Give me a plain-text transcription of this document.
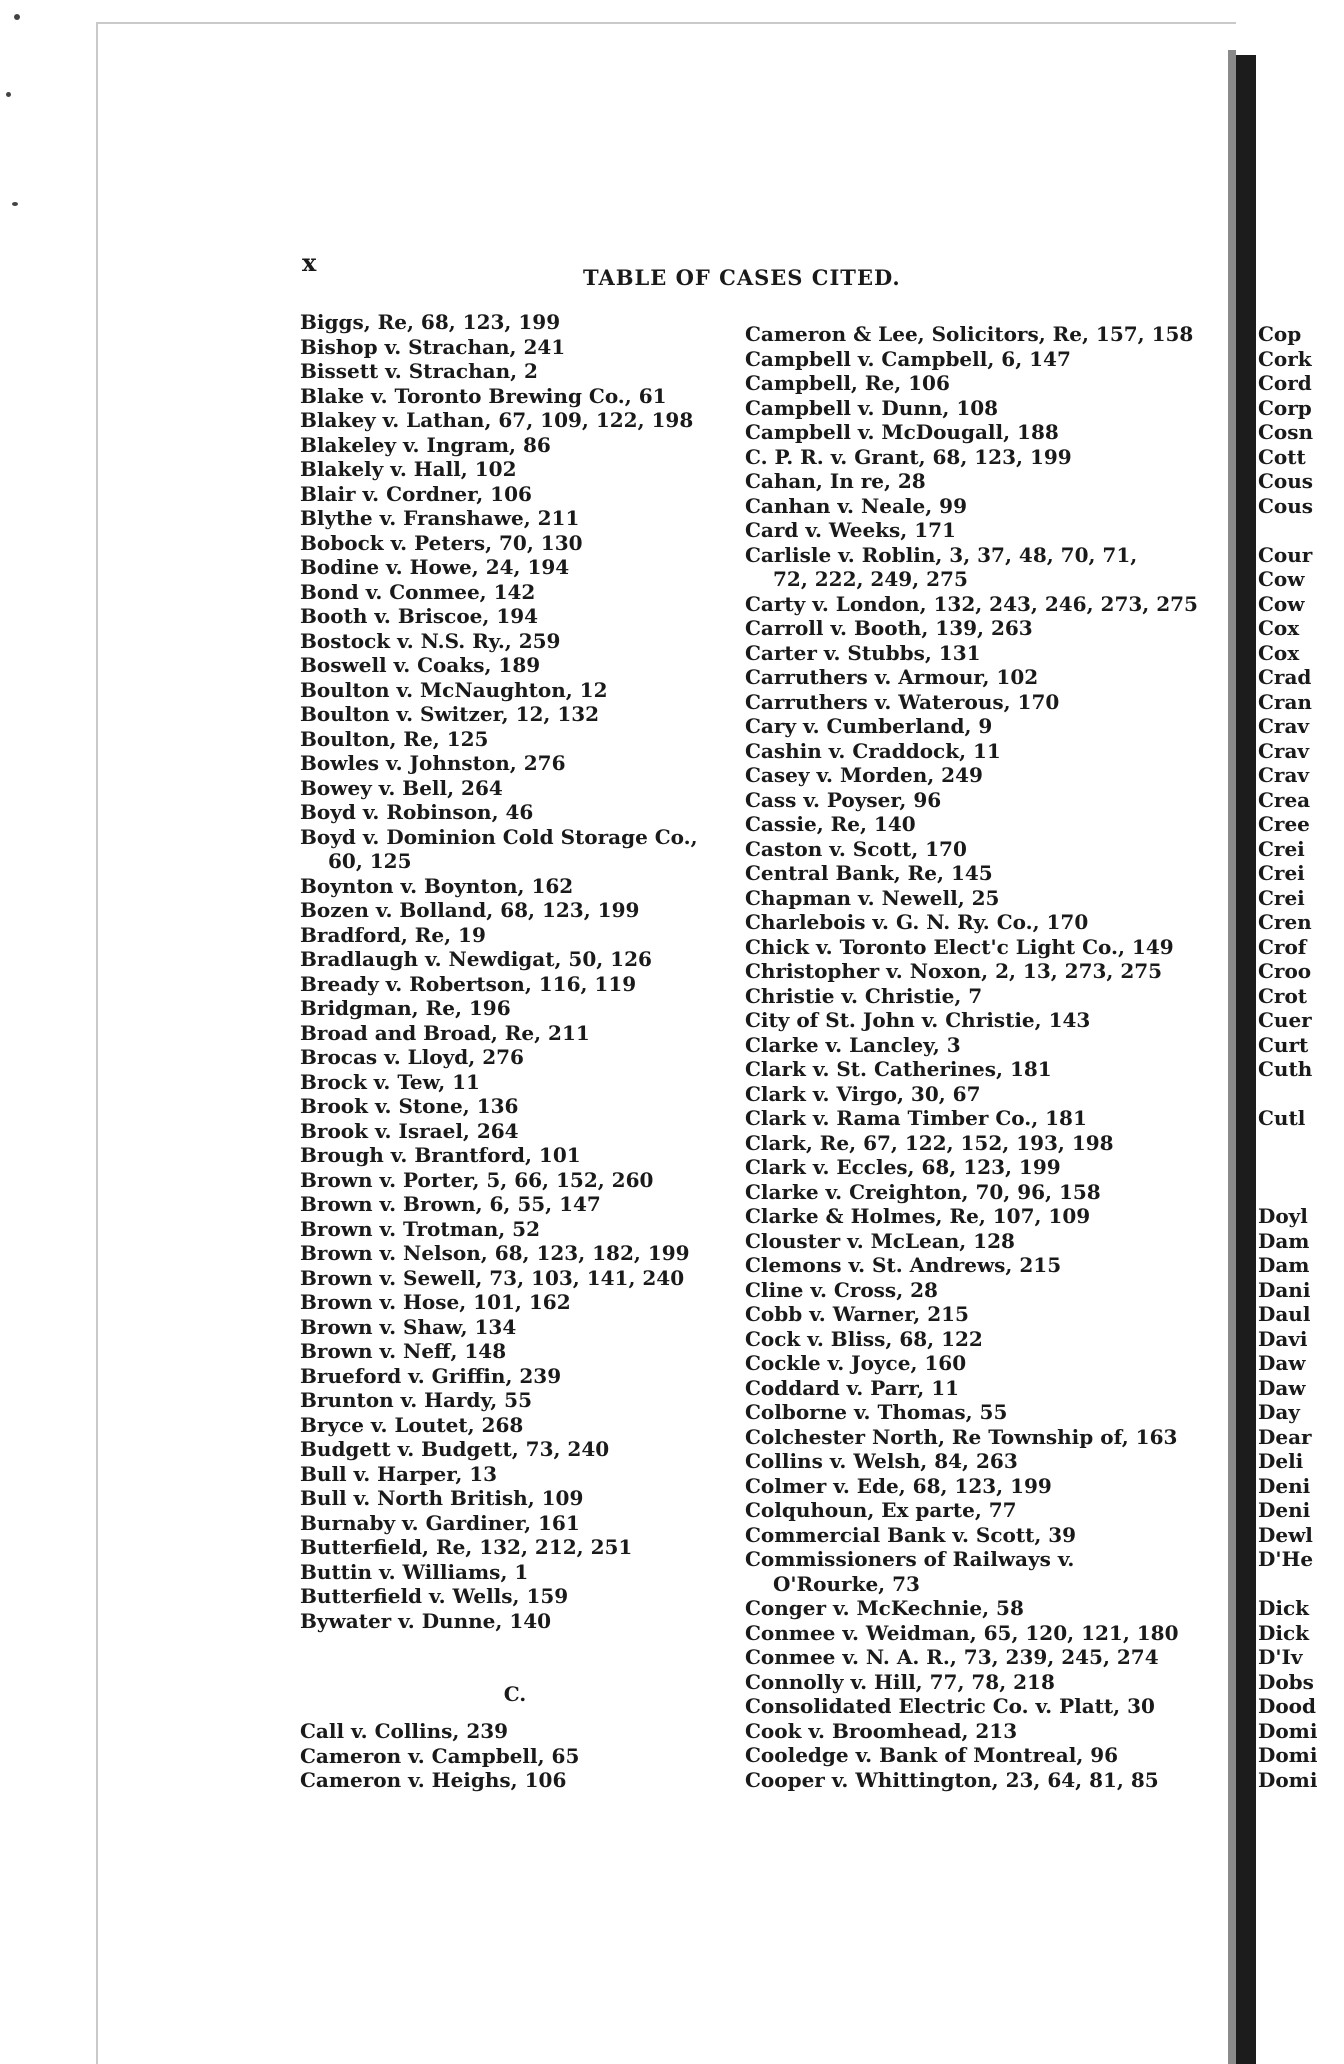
x
TABLE OF CASES CITED.
Biggs, Re, 68, 123, 199
Bishop v. Strachan, 241
Bissett v. Strachan, 2
Blake v. Toronto Brewing Co., 61
Blakey v. Lathan, 67, 109, 122, 198
Blakeley v. Ingram, 86
Blakely v. Hall, 102
Blair v. Cordner, 106
Blythe v. Franshawe, 211
Bobock v. Peters, 70, 130
Bodine v. Howe, 24, 194
Bond v. Conmee, 142
Booth v. Briscoe, 194
Bostock v. N.S. Ry., 259
Boswell v. Coaks, 189
Boulton v. McNaughton, 12
Boulton v. Switzer, 12, 132
Boulton, Re, 125
Bowles v. Johnston, 276
Bowey v. Bell, 264
Boyd v. Robinson, 46
Boyd v. Dominion Cold Storage Co.,
60, 125
Boynton v. Boynton, 162
Bozen v. Bolland, 68, 123, 199
Bradford, Re, 19
Bradlaugh v. Newdigat, 50, 126
Bready v. Robertson, 116, 119
Bridgman, Re, 196
Broad and Broad, Re, 211
Brocas v. Lloyd, 276
Brock v. Tew, 11
Brook v. Stone, 136
Brook v. Israel, 264
Brough v. Brantford, 101
Brown v. Porter, 5, 66, 152, 260
Brown v. Brown, 6, 55, 147
Brown v. Trotman, 52
Brown v. Nelson, 68, 123, 182, 199
Brown v. Sewell, 73, 103, 141, 240
Brown v. Hose, 101, 162
Brown v. Shaw, 134
Brown v. Neff, 148
Brueford v. Griffin, 239
Brunton v. Hardy, 55
Bryce v. Loutet, 268
Budgett v. Budgett, 73, 240
Bull v. Harper, 13
Bull v. North British, 109
Burnaby v. Gardiner, 161
Butterfield, Re, 132, 212, 251
Buttin v. Williams, 1
Butterfield v. Wells, 159
Bywater v. Dunne, 140
C.
Call v. Collins, 239
Cameron v. Campbell, 65
Cameron v. Heighs, 106
Cameron & Lee, Solicitors, Re, 157, 158
Campbell v. Campbell, 6, 147
Campbell, Re, 106
Campbell v. Dunn, 108
Campbell v. McDougall, 188
C. P. R. v. Grant, 68, 123, 199
Cahan, In re, 28
Canhan v. Neale, 99
Card v. Weeks, 171
Carlisle v. Roblin, 3, 37, 48, 70, 71,
72, 222, 249, 275
Carty v. London, 132, 243, 246, 273, 275
Carroll v. Booth, 139, 263
Carter v. Stubbs, 131
Carruthers v. Armour, 102
Carruthers v. Waterous, 170
Cary v. Cumberland, 9
Cashin v. Craddock, 11
Casey v. Morden, 249
Cass v. Poyser, 96
Cassie, Re, 140
Caston v. Scott, 170
Central Bank, Re, 145
Chapman v. Newell, 25
Charlebois v. G. N. Ry. Co., 170
Chick v. Toronto Elect'c Light Co., 149
Christopher v. Noxon, 2, 13, 273, 275
Christie v. Christie, 7
City of St. John v. Christie, 143
Clarke v. Lancley, 3
Clark v. St. Catherines, 181
Clark v. Virgo, 30, 67
Clark v. Rama Timber Co., 181
Clark, Re, 67, 122, 152, 193, 198
Clark v. Eccles, 68, 123, 199
Clarke v. Creighton, 70, 96, 158
Clarke & Holmes, Re, 107, 109
Clouster v. McLean, 128
Clemons v. St. Andrews, 215
Cline v. Cross, 28
Cobb v. Warner, 215
Cock v. Bliss, 68, 122
Cockle v. Joyce, 160
Coddard v. Parr, 11
Colborne v. Thomas, 55
Colchester North, Re Township of, 163
Collins v. Welsh, 84, 263
Colmer v. Ede, 68, 123, 199
Colquhoun, Ex parte, 77
Commercial Bank v. Scott, 39
Commissioners of Railways v.
O'Rourke, 73
Conger v. McKechnie, 58
Conmee v. Weidman, 65, 120, 121, 180
Conmee v. N. A. R., 73, 239, 245, 274
Connolly v. Hill, 77, 78, 218
Consolidated Electric Co. v. Platt, 30
Cook v. Broomhead, 213
Cooledge v. Bank of Montreal, 96
Cooper v. Whittington, 23, 64, 81, 85
Cop
Cork
Cord
Corp
Cosn
Cott
Cous
Cous
Cour
Cow
Cow
Cox
Cox
Crad
Cran
Crav
Crav
Crav
Crea
Cree
Crei
Crei
Crei
Cren
Crof
Croo
Crot
Cuer
Curt
Cuth
Cutl
Doyl
Dam
Dam
Dani
Daul
Davi
Daw
Daw
Day
Dear
Deli
Deni
Deni
Dewl
D'He
Dick
Dick
D'Iv
Dobs
Dood
Domi
Domi
Domi
